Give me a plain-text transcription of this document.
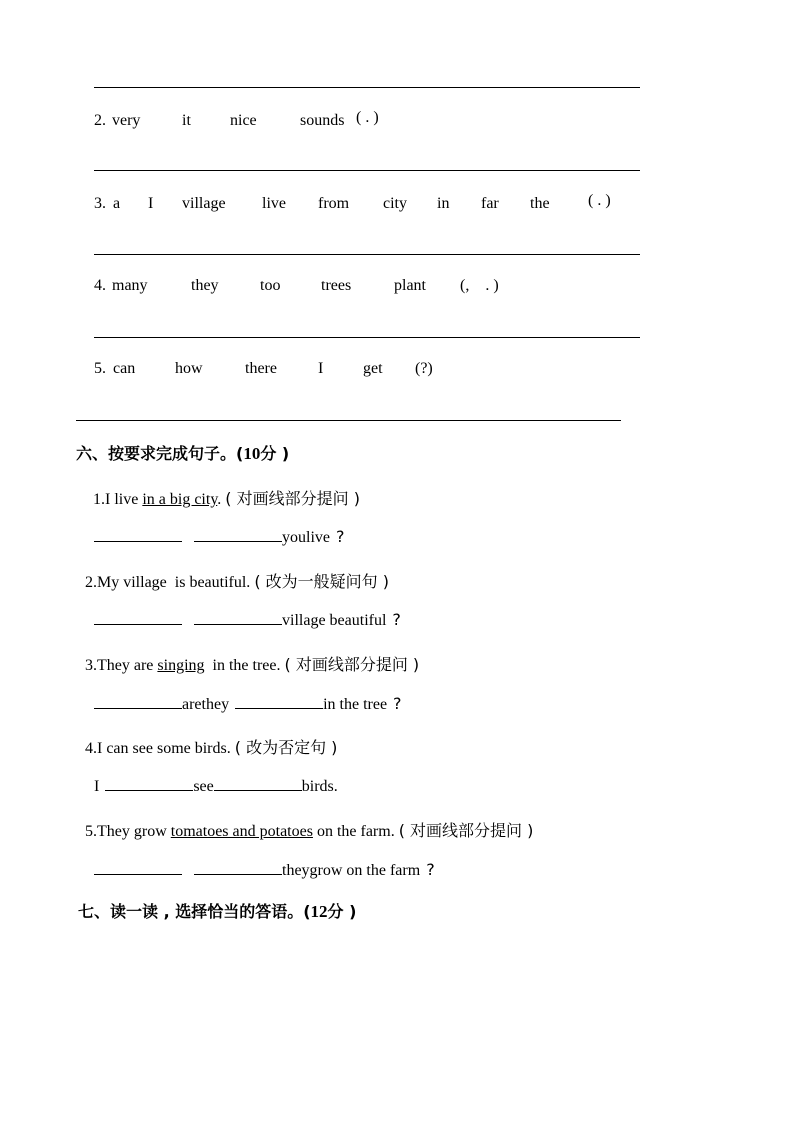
2. very	it nice	sounds ( . )
3. a I village live from city in far the ( . )
4. many	they	too	trees	plant (,    . )
5. can how	there	I get (?)
六、按要求完成句子。(10分 )
1.I live in a big city. ( 对画线部分提问 )
youlive ?
2.My village  is beautiful. ( 改为一般疑问句 )
village beautiful ?
3.They are singing  in the tree. ( 对画线部分提问 )
arethey	in the tree ?
4.I can see some birds. ( 改为否定句 )
I	see	birds.
5.They grow tomatoes and potatoes on the farm. ( 对画线部分提问 )
theygrow on the farm ?
七、读一读 , 选择恰当的答语。(12分 )
